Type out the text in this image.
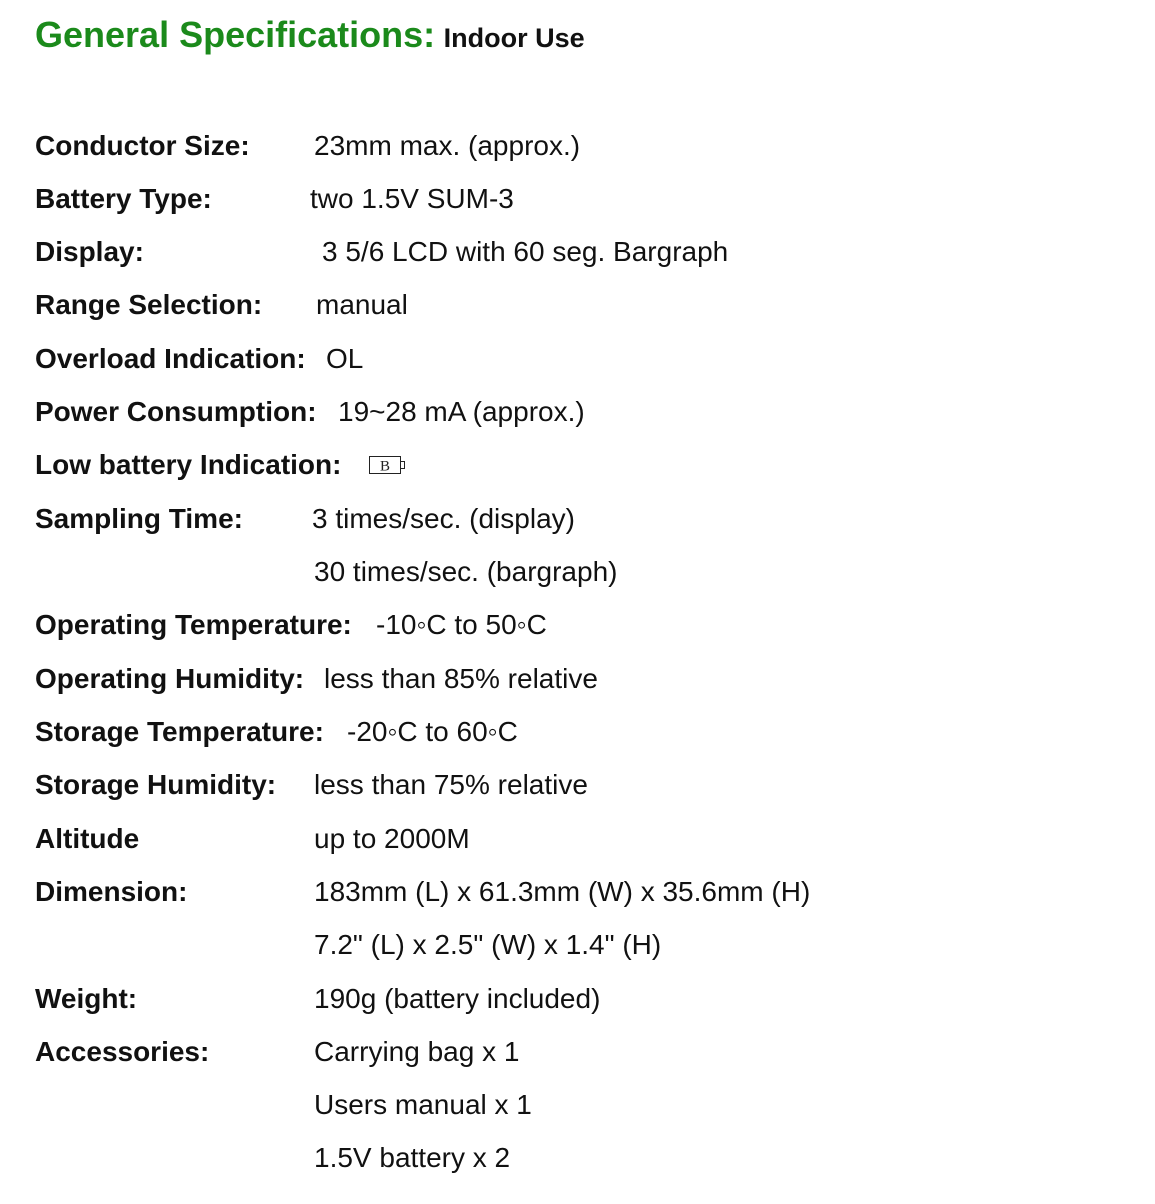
General Specifications: Indoor Use
Conductor Size: 23mm max. (approx.)
Battery Type:	two 1.5V SUM-3
Display:	3 5/6 LCD with 60 seg. Bargraph
Range Selection: manual
Overload Indication: OL
Power Consumption: 19~28 mA (approx.)
Low battery Indication:	B
Sampling Time: 3 times/sec. (display)
30 times/sec. (bargraph)
Operating Temperature: -10◦C to 50◦C
Operating Humidity: less than 85% relative
Storage Temperature: -20◦C to 60◦C
Storage Humidity: less than 75% relative
Altitude	up to 2000M
Dimension:	183mm (L) x 61.3mm (W) x 35.6mm (H)
7.2" (L) x 2.5" (W) x 1.4" (H)
Weight:	190g (battery included)
Accessories:	Carrying bag x 1
Users manual x 1
1.5V battery x 2
